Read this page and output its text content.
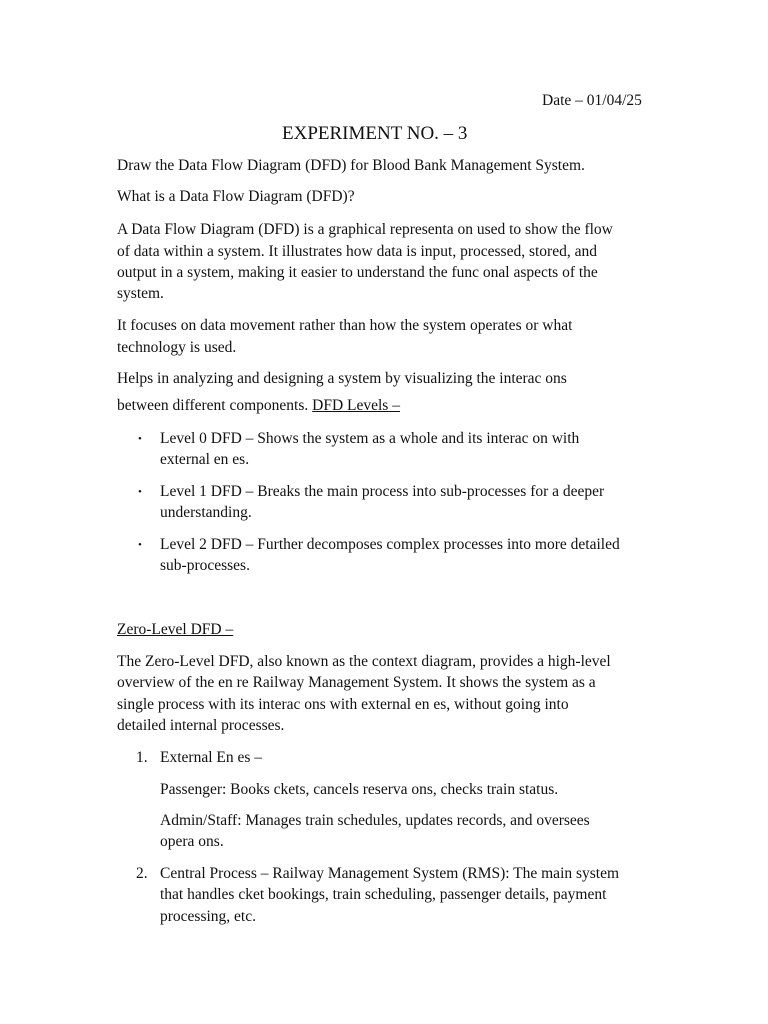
Date – 01/04/25
EXPERIMENT NO. – 3
Draw the Data Flow Diagram (DFD) for Blood Bank Management System.
What is a Data Flow Diagram (DFD)?
A Data Flow Diagram (DFD) is a graphical representa on used to show the flow
of data within a system. It illustrates how data is input, processed, stored, and
output in a system, making it easier to understand the func onal aspects of the
system.
It focuses on data movement rather than how the system operates or what
technology is used.
Helps in analyzing and designing a system by visualizing the interac ons
between different components. DFD Levels –
• Level 0 DFD – Shows the system as a whole and its interac on with
external en es.
• Level 1 DFD – Breaks the main process into sub-processes for a deeper
understanding.
• Level 2 DFD – Further decomposes complex processes into more detailed
sub-processes.
Zero-Level DFD –
The Zero-Level DFD, also known as the context diagram, provides a high-level
overview of the en re Railway Management System. It shows the system as a
single process with its interac ons with external en es, without going into
detailed internal processes.
1. External En es –
Passenger: Books ckets, cancels reserva ons, checks train status.
Admin/Staff: Manages train schedules, updates records, and oversees
opera ons.
2. Central Process – Railway Management System (RMS): The main system
that handles cket bookings, train scheduling, passenger details, payment
processing, etc.
